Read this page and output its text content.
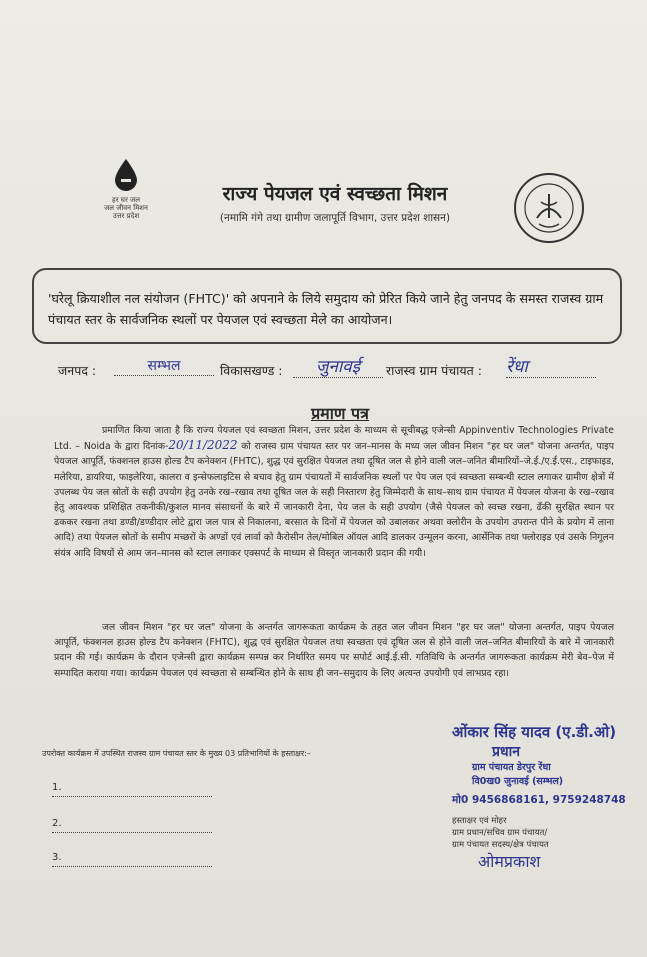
हर घर जल
जल जीवन मिशन
उत्तर प्रदेश
राज्य पेयजल एवं स्वच्छता मिशन
(नमामि गंगे तथा ग्रामीण जलापूर्ति विभाग, उत्तर प्रदेश शासन)

'घरेलू क्रियाशील नल संयोजन (FHTC)' को अपनाने के लिये समुदाय को प्रेरित किये जाने हेतु जनपद के समस्त राजस्व ग्राम पंचायत स्तर के सार्वजनिक स्थलों पर पेयजल एवं स्वच्छता मेले का आयोजन।

जनपद :	सम्भल	विकासखण्ड :	जुनावई	राजस्व ग्राम पंचायत : रेंधा
प्रमाण पत्र

प्रमाणित किया जाता है कि राज्य पेयजल एवं स्वच्छता मिशन, उत्तर प्रदेश के माध्यम से सूचीबद्ध एजेन्सी Appinventiv Technologies Private Ltd. – Noida के द्वारा दिनांक-20/11/2022 को राजस्व ग्राम पंचायत स्तर पर जन–मानस के मध्य जल जीवन मिशन "हर घर जल" योजना अन्तर्गत, पाइप पेयजल आपूर्ति, फंक्शनल हाउस होल्ड टैप कनेक्शन (FHTC), शुद्ध एवं सुरक्षित पेयजल तथा दूषित जल से होने वाली जल–जनित बीमारियों–जे.ई./ए.ई.एस., टाइफाइड, मलेरिया, डायरिया, फाइलेरिया, कालरा व इन्सेफलाइटिस से बचाव हेतु ग्राम पंचायतों में सार्वजनिक स्थलों पर पेय जल एवं स्वच्छता सम्बन्धी स्टाल लगाकर ग्रामीण क्षेत्रों में उपलब्ध पेय जल स्रोतों के सही उपयोग हेतु उनके रख–रखाव तथा दूषित जल के सही निस्तारण हेतु जिम्मेदारी के साथ–साथ ग्राम पंचायत में पेयजल योजना के रख–रखाव हेतु आवश्यक प्रशिक्षित तकनीकी/कुशल मानव संसाधनों के बारे में जानकारी देना, पेय जल के सही उपयोग (जैसे पेयजल को स्वच्छ रखना, ढँकी सुरक्षित स्थान पर ढककर रखना तथा डण्डी/डण्डीदार लोटे द्वारा जल पात्र से निकालना, बरसात के दिनों में पेयजल को उबालकर अथवा क्लोरीन के उपयोग उपरान्त पीने के प्रयोग में लाना आदि) तथा पेयजल स्रोतों के समीप मच्छरों के अण्डों एवं लार्वा को कैरोसीन तेल/मोबिल ऑयल आदि डालकर उन्मूलन करना, आर्सेनिक तथा फ्लोराइड एवं उसके निगूलन संयंत्र आदि विषयों से आम जन–मानस को स्टाल लगाकर एक्सपर्ट के माध्यम से विस्तृत जानकारी प्रदान की गयी।

जल जीवन मिशन "हर घर जल" योजना के अन्तर्गत जागरूकता कार्यक्रम के तहत जल जीवन मिशन "हर घर जल" योजना अन्तर्गत, पाइप पेयजल आपूर्ति, फंक्शनल हाउस होल्ड टैप कनेक्शन (FHTC), शुद्ध एवं सुरक्षित पेयजल तथा स्वच्छता एवं दूषित जल से होने वाली जल–जनित बीमारियों के बारे में जानकारी प्रदान की गई। कार्यक्रम के दौरान एजेन्सी द्वारा कार्यक्रम सम्पन्न कर निर्धारित समय पर सपोर्ट आई.ई.सी. गतिविधि के अन्तर्गत जागरूकता कार्यक्रम मेरी बेव–पेज में सम्पादित कराया गया। कार्यक्रम पेयजल एवं स्वच्छता से सम्बन्धित होने के साथ ही जन–समुदाय के लिए अत्यन्त उपयोगी एवं लाभप्रद रहा।

उपरोक्त कार्यक्रम में उपस्थित राजस्व ग्राम पंचायत स्तर के मुख्य 03 प्रतिभागियों के हस्ताक्षर:–
1.
2.
3.
ओंकार सिंह यादव (ए.डी.ओ)
प्रधान
ग्राम पंचायत डेरपुर रेंधा
वि0ख0 जुनावई (सम्भल)
मो0 9456868161, 9759248748
हस्ताक्षर एवं मोहर
ग्राम प्रधान/सचिव ग्राम पंचायत/
ग्राम पंचायत सदस्य/क्षेत्र पंचायत
ओमप्रकाश
